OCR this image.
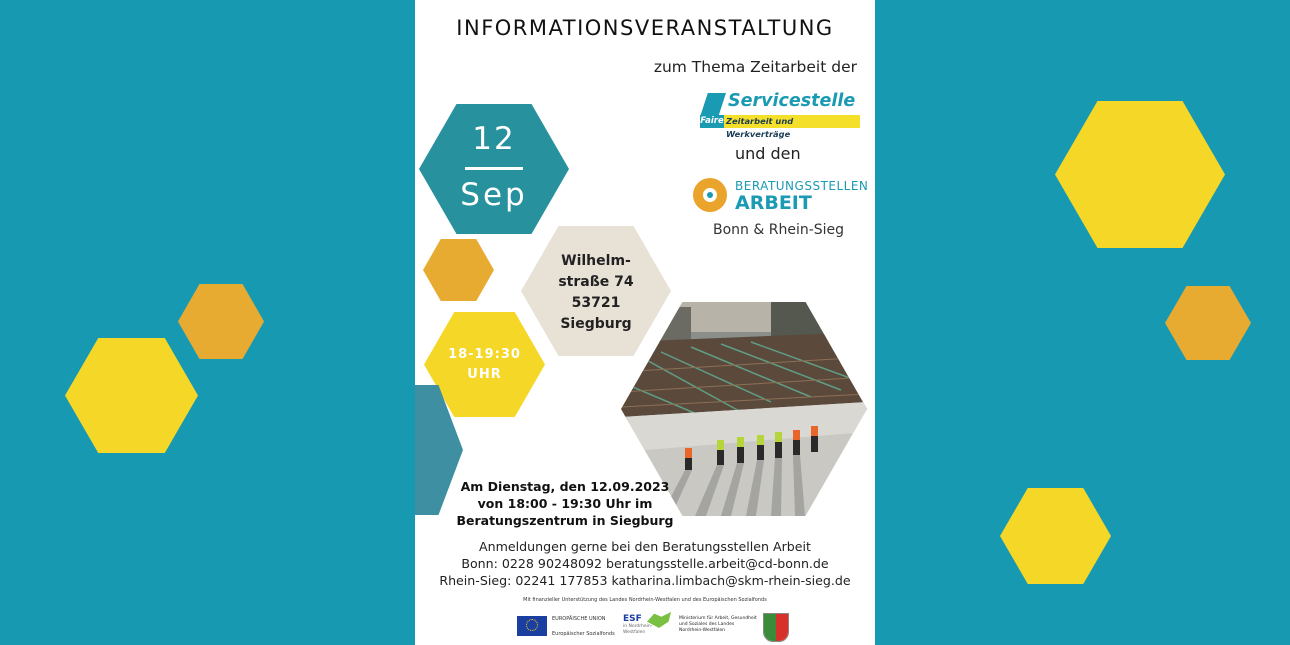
INFORMATIONSVERANSTALTUNG
zum Thema Zeitarbeit der
Servicestelle
Faire Zeitarbeit und Werkverträge
und den
BERATUNGSSTELLEN
ARBEIT
Bonn & Rhein-Sieg
12
Sep
Wilhelm-
straße 74
53721
Siegburg
18-19:30
UHR
Am Dienstag, den 12.09.2023
von 18:00 - 19:30 Uhr im
Beratungszentrum in Siegburg
Anmeldungen gerne bei den Beratungsstellen Arbeit
Bonn: 0228 90248092 beratungsstelle.arbeit@cd-bonn.de
Rhein-Sieg: 02241 177853 katharina.limbach@skm-rhein-sieg.de
Mit finanzieller Unterstützung des Landes Nordrhein-Westfalen und des Europäischen Sozialfonds
EUROPÄISCHE UNION
Europäischer Sozialfonds
ESF
in Nordrhein-Westfalen
Ministerium für Arbeit, Gesundheit und Soziales des Landes Nordrhein-Westfalen
